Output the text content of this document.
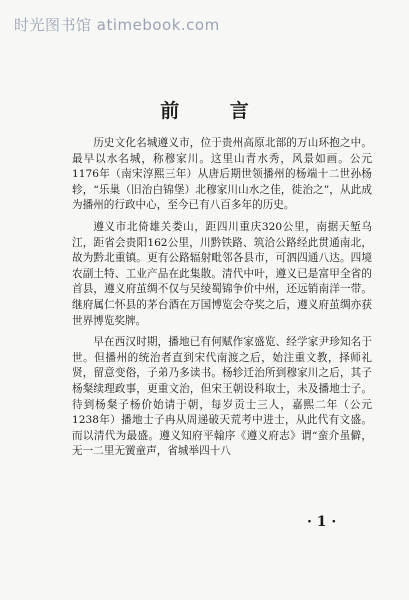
时光图书馆 atimebook.com
前 言

历史文化名城遵义市，位于贵州高原北部的万山环抱之中。最早以水名城，称穆家川。这里山青水秀，风景如画。公元1176年（南宋淳熙三年）从唐后期世领播州的杨端十二世孙杨轸，“乐巢（旧治白锦堡）北穆家川山水之佳，徙治之”，从此成为播州的行政中心，至今已有八百多年的历史。

遵义市北倚雄关娄山，距四川重庆320公里，南据天堑乌江，距省会贵阳162公里，川黔铁路、筑洽公路经此贯通南北，故为黔北重镇。更有公路辐射毗邻各县市，可泗四通八达。四境农副土特、工业产品在此集散。清代中叶，遵义已是富甲全省的首县，遵义府茧绸不仅与吴绫蜀锦争价中州，还远销南洋一带。继府属仁怀县的茅台酒在万国博览会夺奖之后，遵义府茧绸亦获世界博览奖牌。

早在西汉时期，播地已有何赋作家盛览、经学家尹珍知名于世。但播州的统治者直到宋代南渡之后，始注重文教，择师礼贤，留意变俗，子弟乃多读书。杨轸迁治所到穆家川之后，其子杨粲续理政事，更重文治，但宋王朝设科取士，未及播地士子。待到杨粲子杨价始请于朝，每岁贡士三人，嘉熙二年（公元1238年）播地士子冉从周递破天荒考中进士，从此代有文盛。而以清代为最盛。遵义知府平翰序《遵义府志》谓“蛮介虽僻，无一二里无黉童声，省城举四十八

· 1 ·
